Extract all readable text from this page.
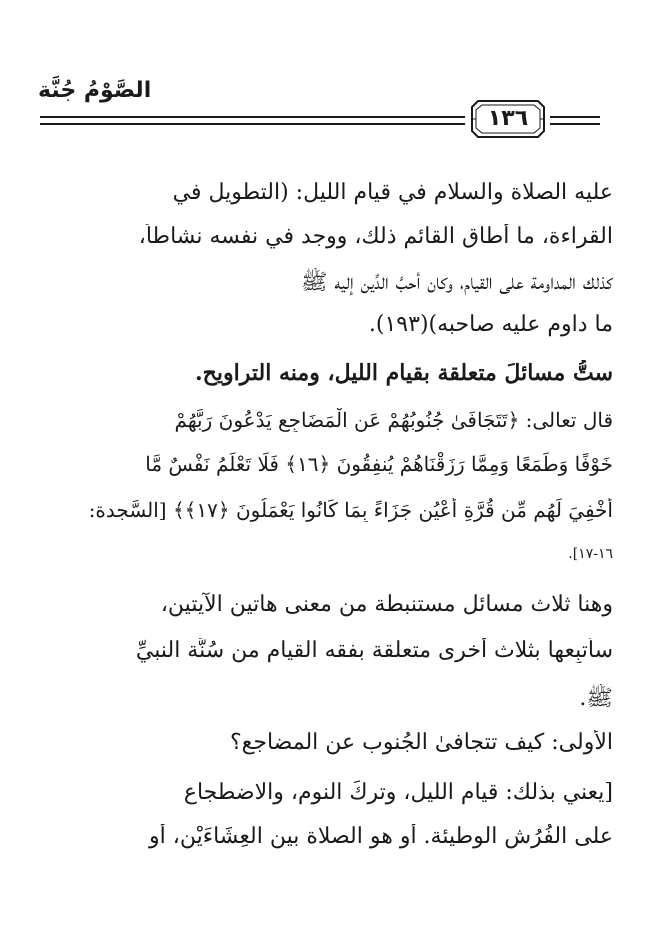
الصَّوْمُ جُنَّة
١٣٦
عليه الصلاة والسلام في قيام الليل: (التطويل في
القراءة، ما أطاق القائم ذلك، ووجد في نفسه نشاطاً،
كذلك المداومة على القيام، وكان أحبَّ الدِّين إليه ﷺ
ما داوم عليه صاحبه)(١٩٣).
ستُّ مسائلَ متعلقة بقيام الليل، ومنه التراويح.
قال تعالى: ﴿تَتَجَافَىٰ جُنُوبُهُمْ عَنِ الْمَضَاجِعِ يَدْعُونَ رَبَّهُمْ
خَوْفًا وَطَمَعًا وَمِمَّا رَزَقْنَاهُمْ يُنفِقُونَ ﴿١٦﴾ فَلَا تَعْلَمُ نَفْسٌ مَّا
أُخْفِيَ لَهُم مِّن قُرَّةِ أَعْيُنٍ جَزَاءً بِمَا كَانُوا يَعْمَلُونَ ﴿١٧﴾﴾ [السَّجدة:
١٦-١٧].
وهنا ثلاث مسائل مستنبطة من معنى هاتين الآيتين،
سأُتبِعها بثلاث أخرى متعلقة بفقه القيام من سُنَّة النبيِّ
ﷺ.
الأولى: كيف تتجافىٰ الجُنوب عن المضاجع؟
[يعني بذلك: قيام الليل، وتركَ النوم، والاضطجاع
على الفُرُش الوطيئة. أو هو الصلاة بين العِشَاءَيْن، أو
